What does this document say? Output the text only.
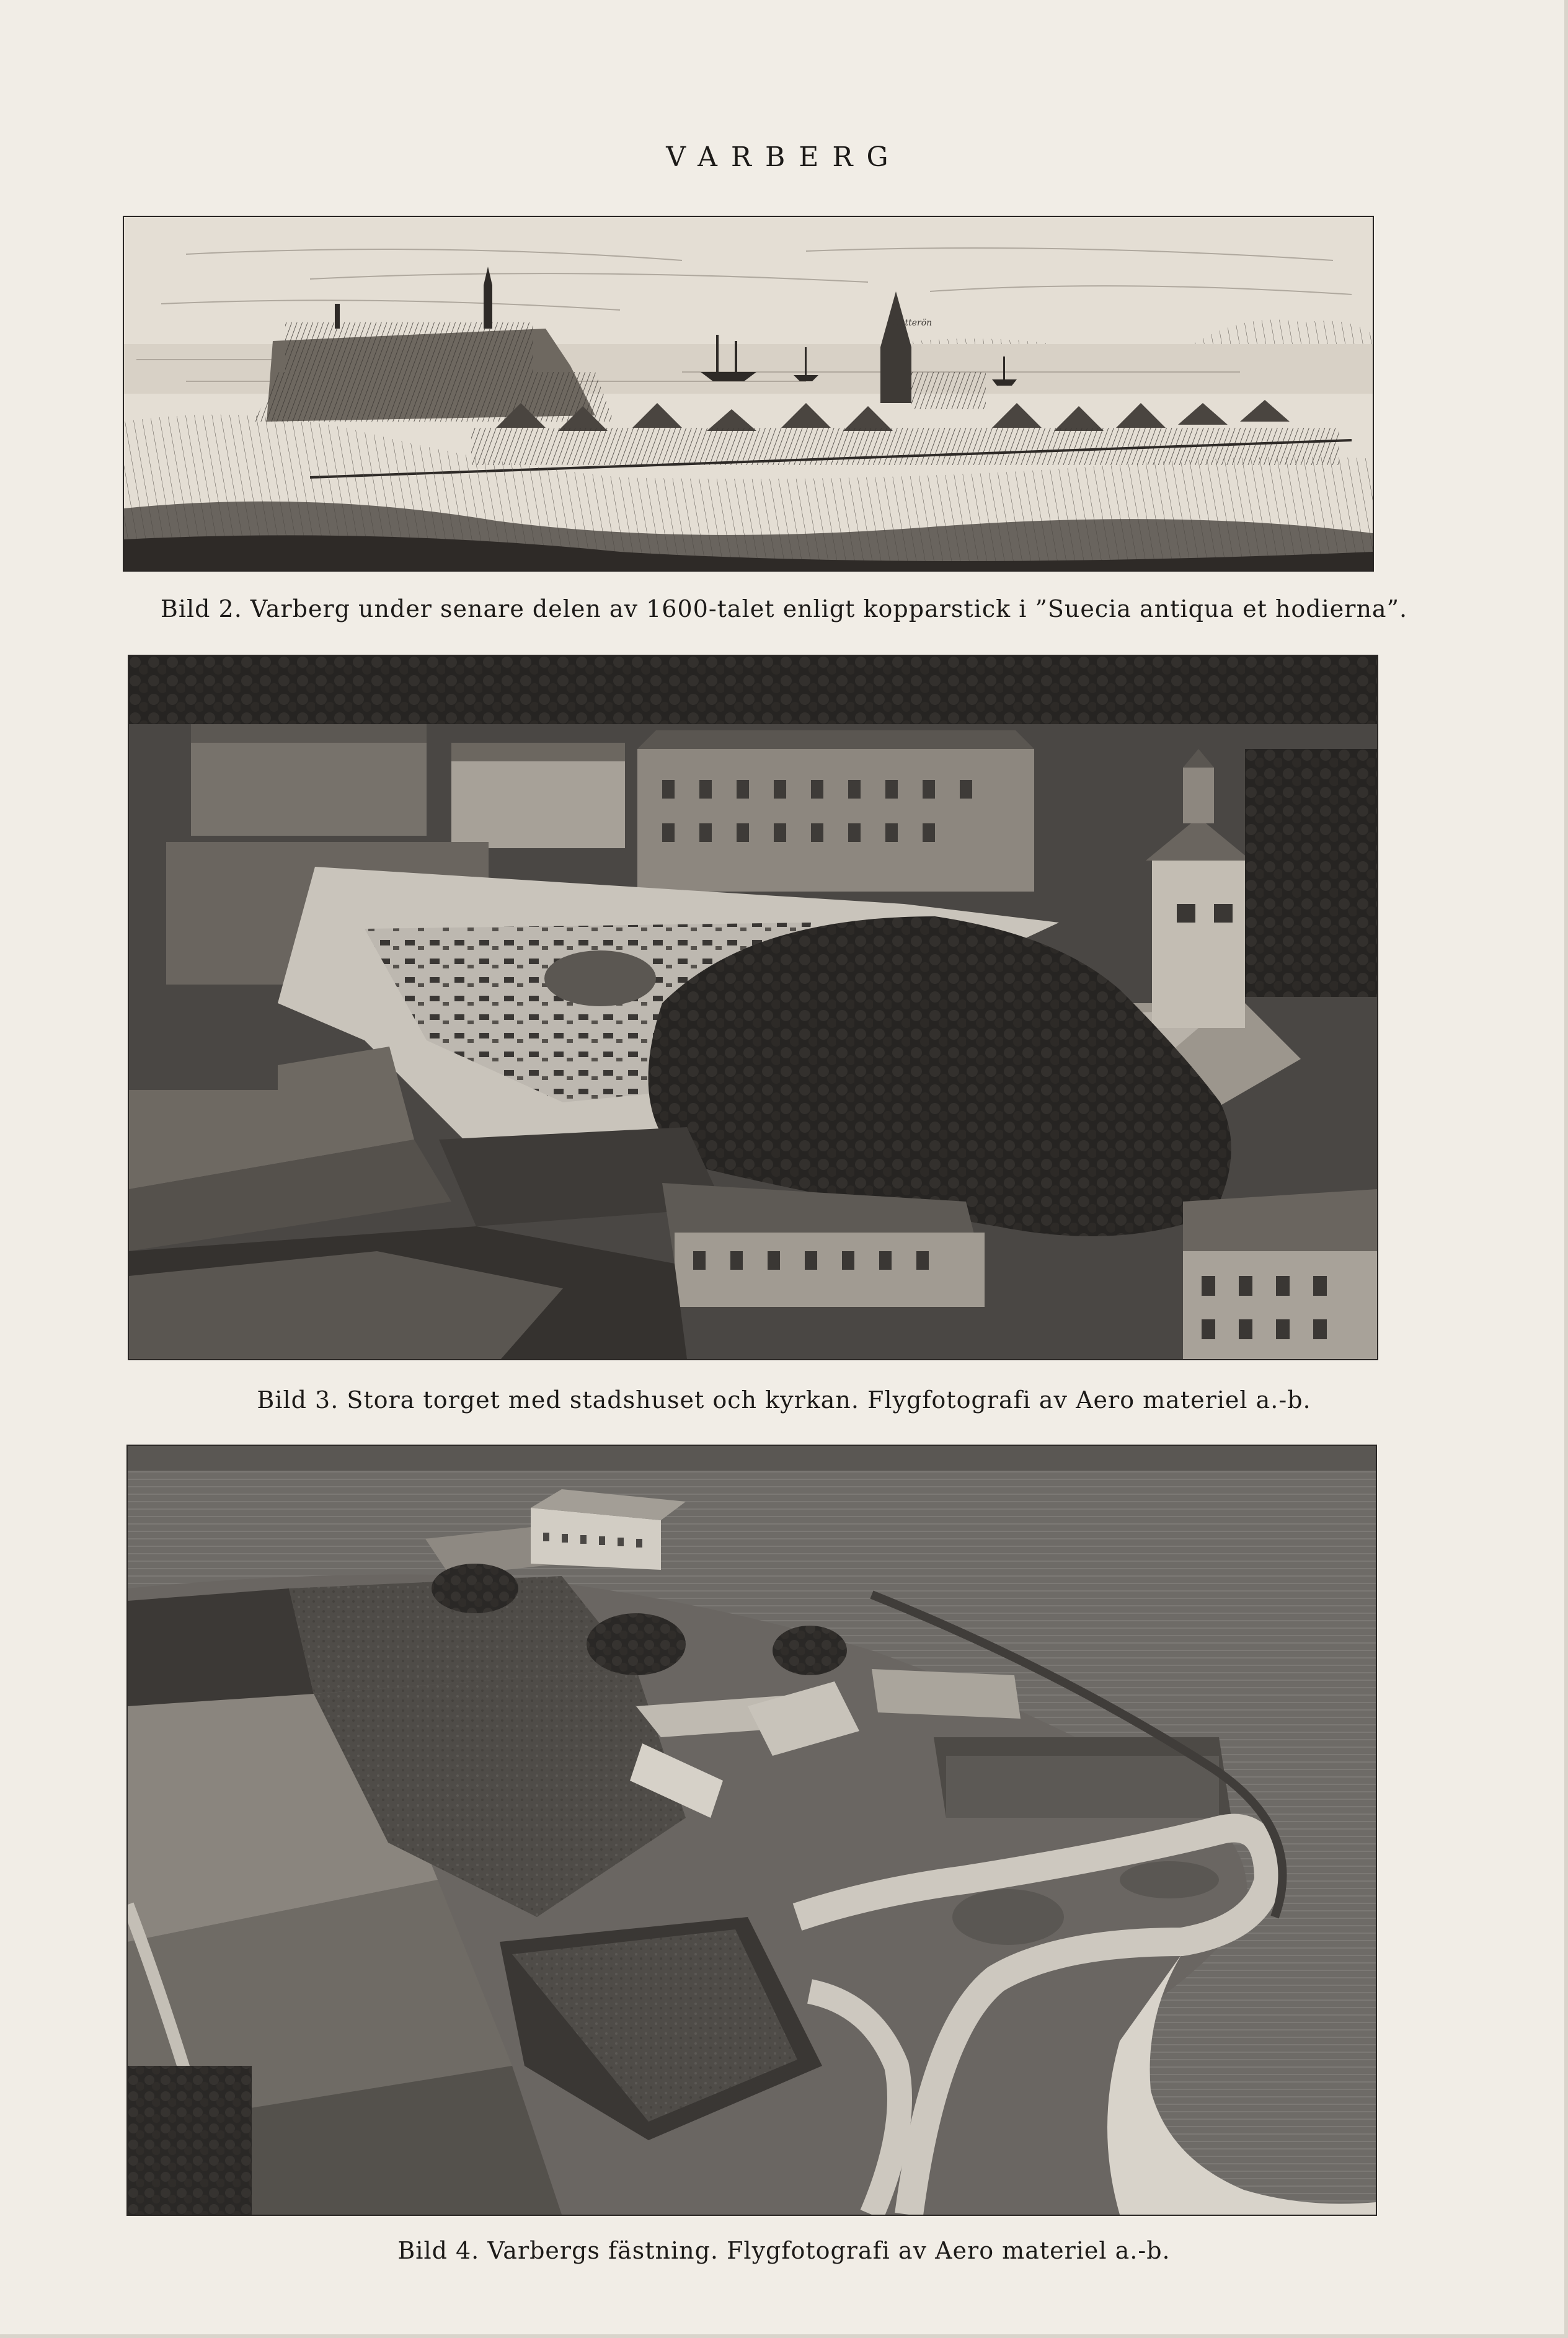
VARBERG
Getterön
Bild 2. Varberg under senare delen av 1600-talet enligt kopparstick i ”Suecia antiqua et hodierna”.
Bild 3. Stora torget med stadshuset och kyrkan. Flygfotografi av Aero materiel a.-b.
Bild 4. Varbergs fästning. Flygfotografi av Aero materiel a.-b.
